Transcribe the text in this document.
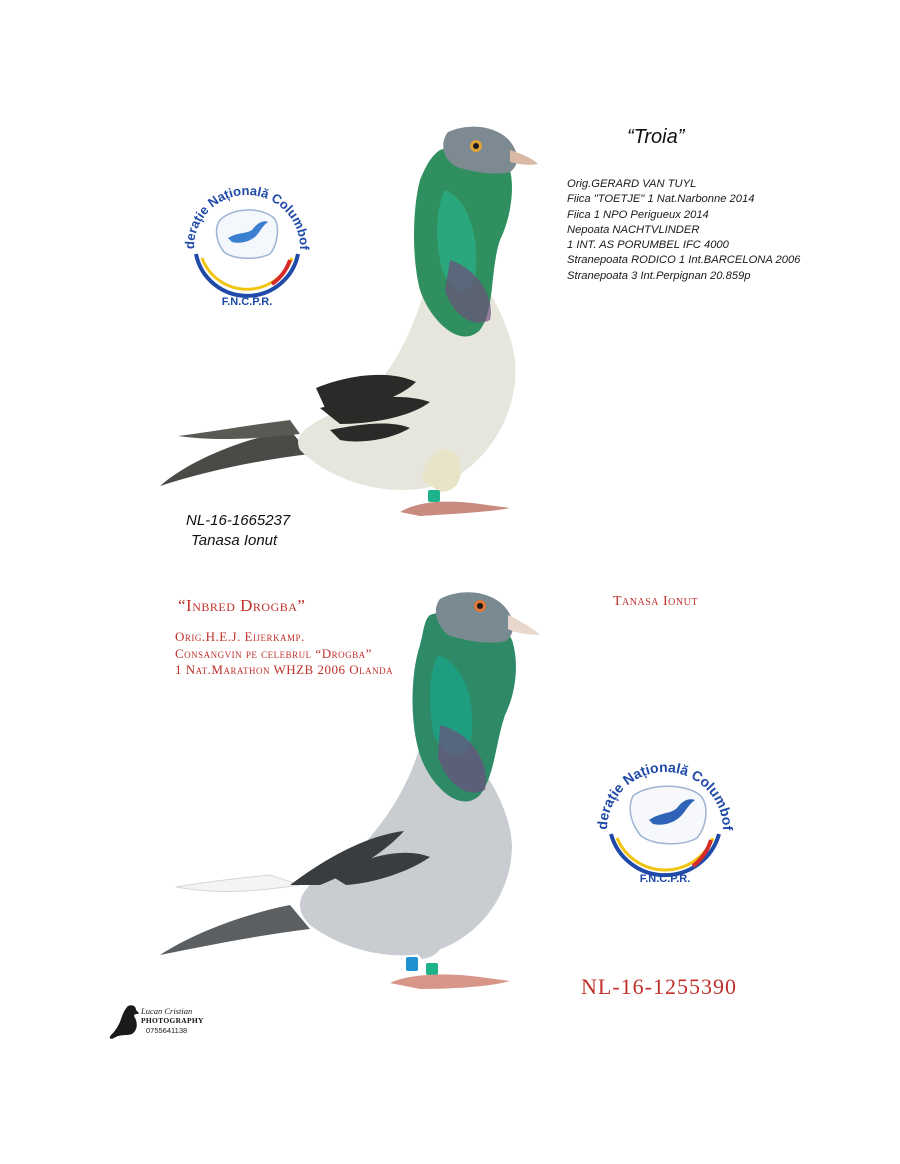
Federație Națională Columbofilă
F.N.C.P.R.
“Troia”
Orig.GERARD VAN TUYL
Fiica "TOETJE" 1 Nat.Narbonne 2014
Fiica 1 NPO Perigueux 2014
Nepoata NACHTVLINDER
1 INT. AS PORUMBEL IFC 4000
Stranepoata RODICO 1 Int.BARCELONA 2006
Stranepoata 3 Int.Perpignan 20.859p
NL-16-1665237
Tanasa Ionut
“Inbred Drogba”
Orig.H.E.J. Eijerkamp.
Consangvin pe celebrul “Drogba”
1 Nat.Marathon WHZB 2006 Olanda
Tanasa Ionut
Federație Națională Columbofilă
F.N.C.P.R.
NL-16-1255390
Lucan Cristian
PHOTOGRAPHY
0755641138
